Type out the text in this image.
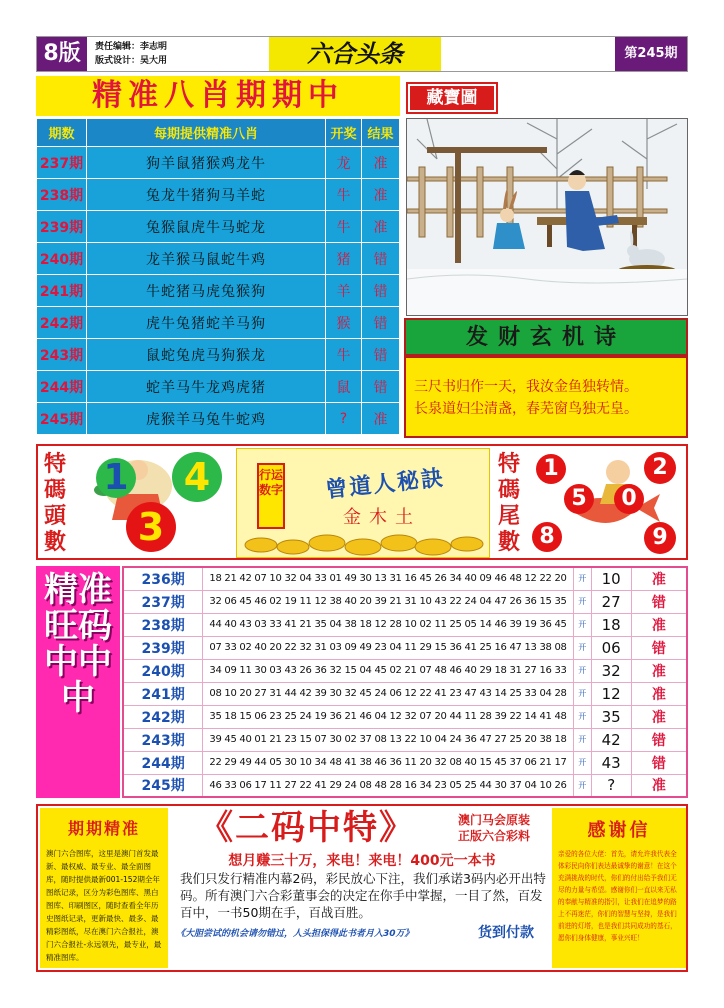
8版	责任编辑：李志明
版式设计：吴大用	六合头条	第245期
精准八肖期期中	藏寶圖
期数	每期提供精准八肖	开奖	结果
237期	狗羊鼠猪猴鸡龙牛	龙	准
238期	兔龙牛猪狗马羊蛇	牛	准
239期	兔猴鼠虎牛马蛇龙	牛	准
240期	龙羊猴马鼠蛇牛鸡	猪	错
241期	牛蛇猪马虎兔猴狗	羊	错
242期	虎牛兔猪蛇羊马狗	猴	错
243期	鼠蛇兔虎马狗猴龙	牛	错
244期	蛇羊马牛龙鸡虎猪	鼠	错
245期	虎猴羊马兔牛蛇鸡	?	准
发财玄机诗
三尺书归作一天，我汝金鱼独转情。
长泉道妇尘清盏，春芜窗鸟独无皇。
特碼頭數
1	4
3
行运数字	曾道人秘訣
金木土
特碼尾數
1	2
5	0
8	9
精准旺码中中中
236期	18 21 42 07 10 32 04 33 01 49 30 13 31 16 45 26 34 40 09 46 48 12 22 20	开	10	准
237期	32 06 45 46 02 19 11 12 38 40 20 39 21 31 10 43 22 24 04 47 26 36 15 35	开	27	错
238期	44 40 43 03 33 41 21 35 04 38 18 12 28 10 02 11 25 05 14 46 39 19 36 45	开	18	准
239期	07 33 02 40 20 22 32 31 03 09 49 23 04 11 29 15 36 41 25 16 47 13 38 08	开	06	错
240期	34 09 11 30 03 43 26 36 32 15 04 45 02 21 07 48 46 40 29 18 31 27 16 33	开	32	准
241期	08 10 20 27 31 44 42 39 30 32 45 24 06 12 22 41 23 47 43 14 25 33 04 28	开	12	准
242期	35 18 15 06 23 25 24 19 36 21 46 04 12 32 07 20 44 11 28 39 22 14 41 48	开	35	准
243期	39 45 40 01 21 23 15 07 30 02 37 08 13 22 10 04 24 36 47 27 25 20 38 18	开	42	错
244期	22 29 49 44 05 30 10 34 48 41 38 46 36 11 20 32 08 40 15 45 37 06 21 17	开	43	错
245期	46 33 06 17 11 27 22 41 29 24 08 48 28 16 34 23 05 25 44 30 37 04 10 26	开	?	准
期期精准
澳门六合图库，这里是澳门首发最新、最权威、最专业、最全面图库，随时提供最新001-152期全年图纸记录，区分为彩色图库、黑白图库、印刷图区，随时查看全年历史图纸记录，更新最快、最多、最精彩图纸，尽在澳门六合报社，澳门六合报社-永远领先，最专业，最精准图库。
《二码中特》	澳门马会原装
正版六合彩料
想月赚三十万，来电！来电！400元一本书
我们只发行精准内幕2码，彩民放心下注，我们承诺3码内必开出特码。所有澳门六合彩董事会的决定在你手中掌握，一目了然，百发百中，一书50期在手，百战百胜。
《大胆尝试的机会请勿错过，人头担保得此书者月入30万》	货到付款
感谢信
亲爱的各位大佬：首先，请允许我代表全体彩民向你们表达最诚挚的谢意！在这个充满挑战的时代，你们的付出给予我们无尽的力量与希望。感谢你们一直以来无私的奉献与精准的指引，让我们在追梦的路上不再迷茫，你们的智慧与坚持，是我们前进的灯塔，也是我们共同成功的基石，愿你们身体健康，事业兴旺！
